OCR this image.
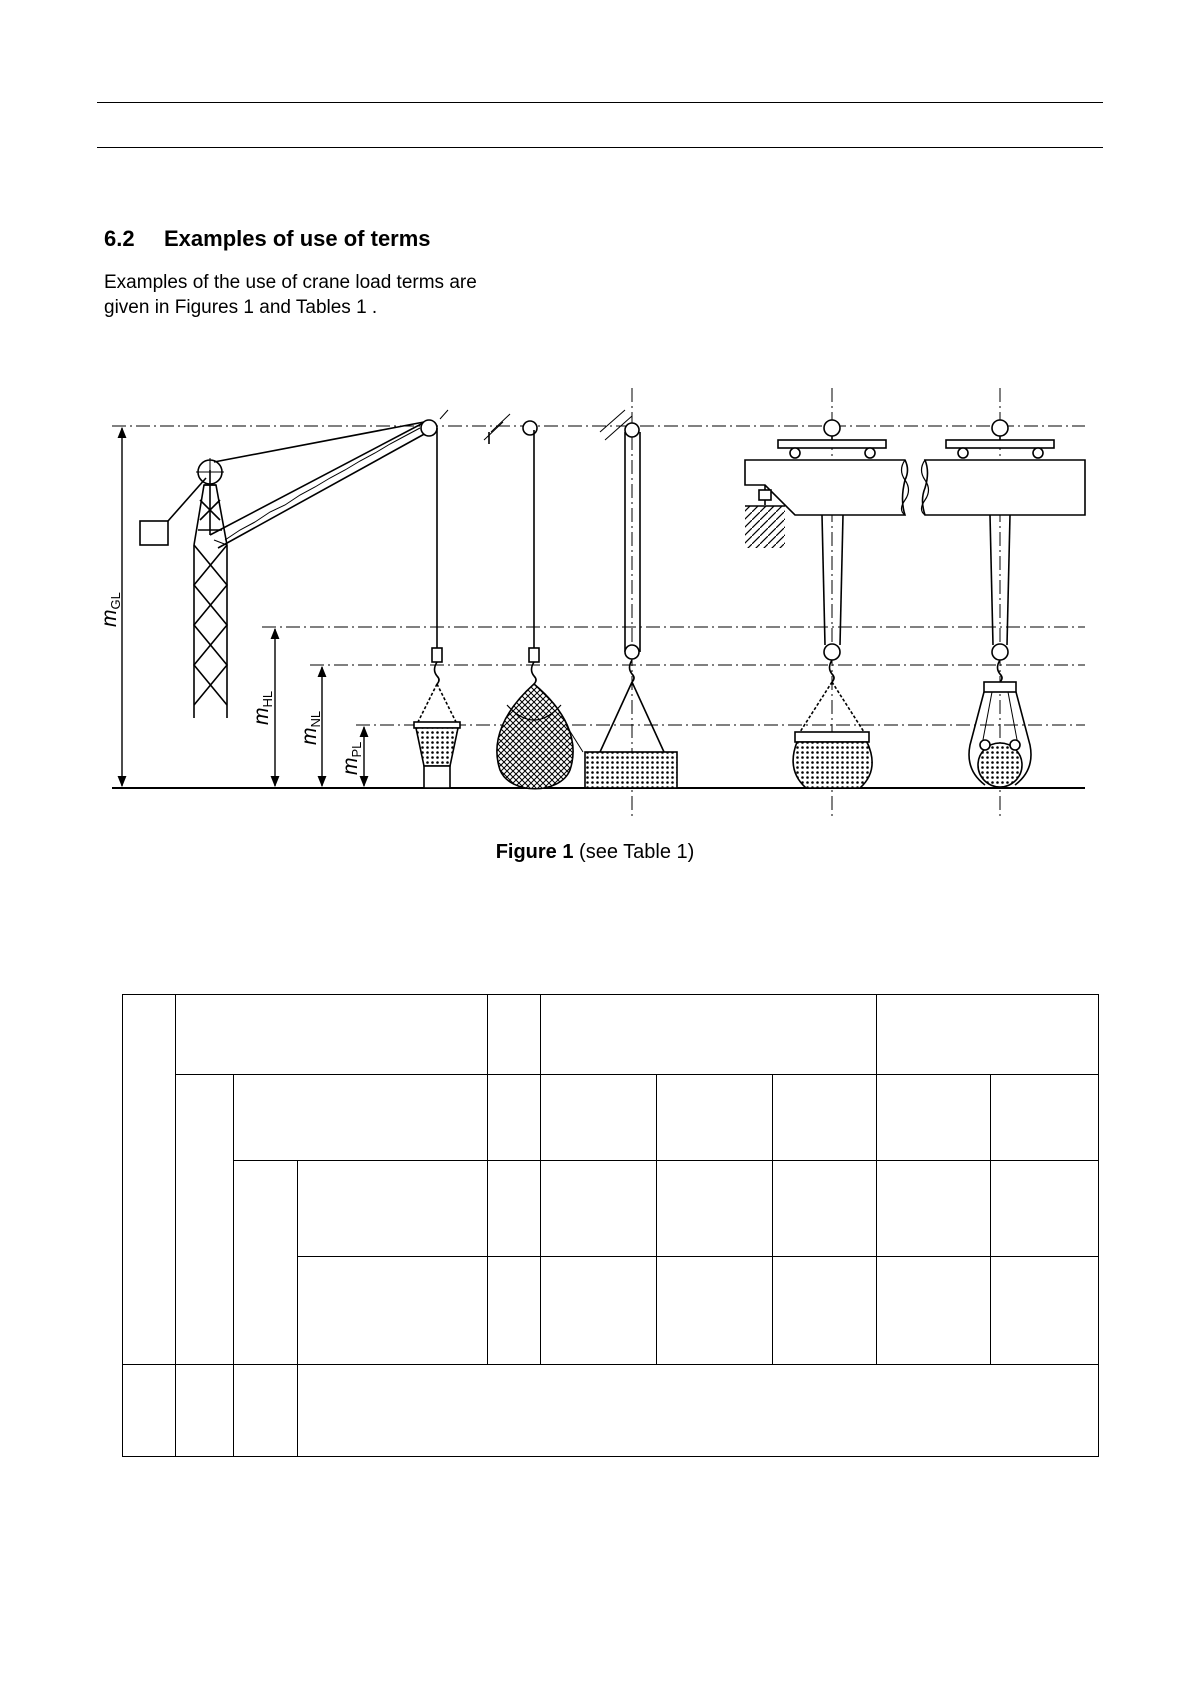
6.2 Examples of use of terms
Examples of the use of crane load terms are
given in Figures 1 and Tables 1 .
mGL
mHL
mNL
mPL
Figure 1 (see Table 1)
